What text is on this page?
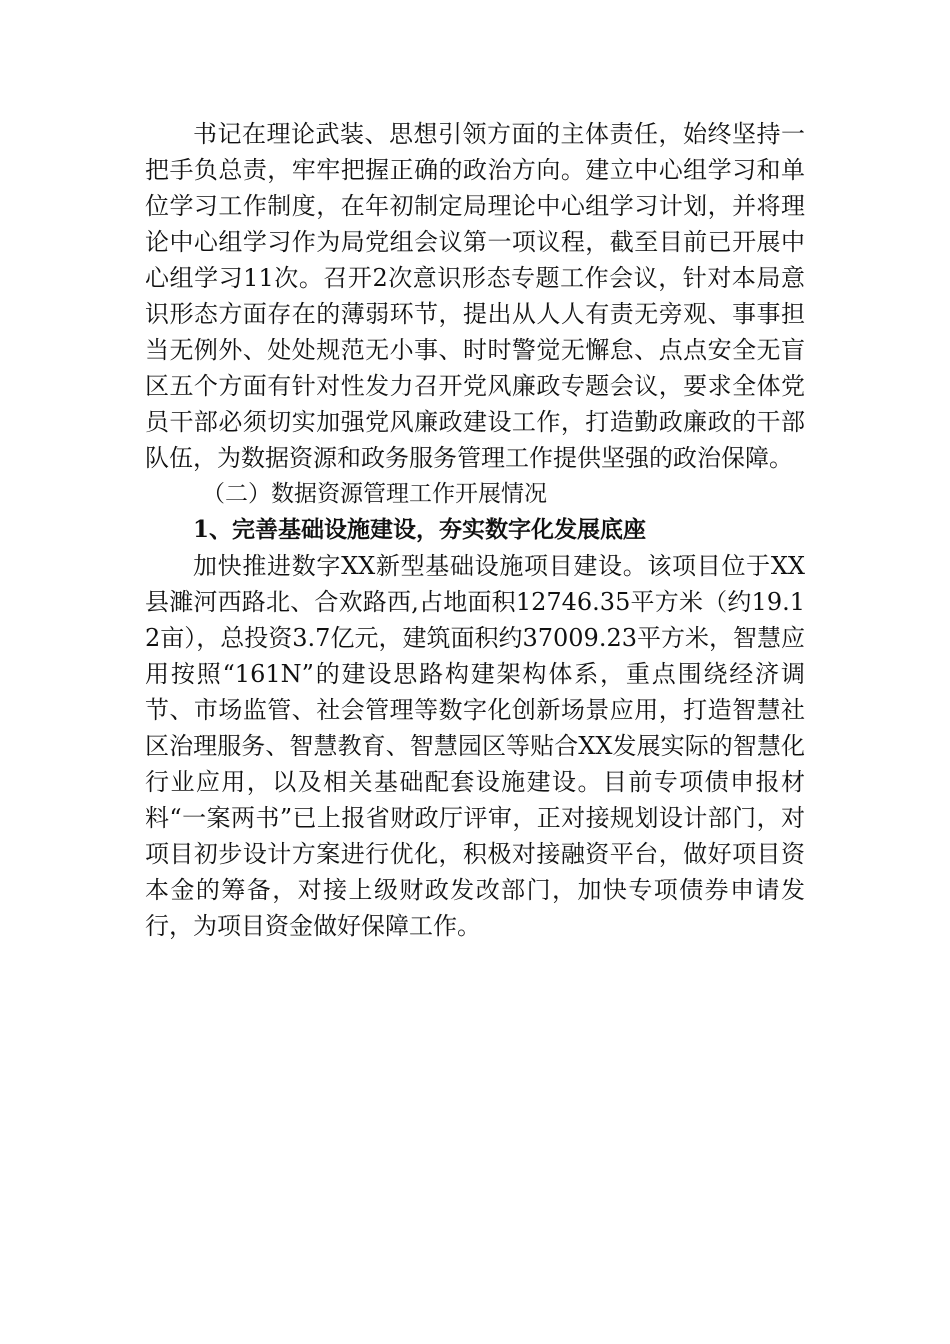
书记在理论武装、思想引领方面的主体责任，始终坚持一把手负总责，牢牢把握正确的政治方向。建立中心组学习和单位学习工作制度，在年初制定局理论中心组学习计划，并将理论中心组学习作为局党组会议第一项议程，截至目前已开展中心组学习11次。召开2次意识形态专题工作会议，针对本局意识形态方面存在的薄弱环节，提出从人人有责无旁观、事事担当无例外、处处规范无小事、时时警觉无懈怠、点点安全无盲区五个方面有针对性发力召开党风廉政专题会议，要求全体党员干部必须切实加强党风廉政建设工作，打造勤政廉政的干部队伍，为数据资源和政务服务管理工作提供坚强的政治保障。

（二）数据资源管理工作开展情况

1、完善基础设施建设，夯实数字化发展底座

加快推进数字XX新型基础设施项目建设。该项目位于XX县濉河西路北、合欢路西,占地面积12746.35平方米（约19.12亩），总投资3.7亿元，建筑面积约37009.23平方米，智慧应用按照“161N”的建设思路构建架构体系，重点围绕经济调节、市场监管、社会管理等数字化创新场景应用，打造智慧社区治理服务、智慧教育、智慧园区等贴合XX发展实际的智慧化行业应用，以及相关基础配套设施建设。目前专项债申报材料“一案两书”已上报省财政厅评审，正对接规划设计部门，对项目初步设计方案进行优化，积极对接融资平台，做好项目资本金的筹备，对接上级财政发改部门，加快专项债券申请发行，为项目资金做好保障工作。
